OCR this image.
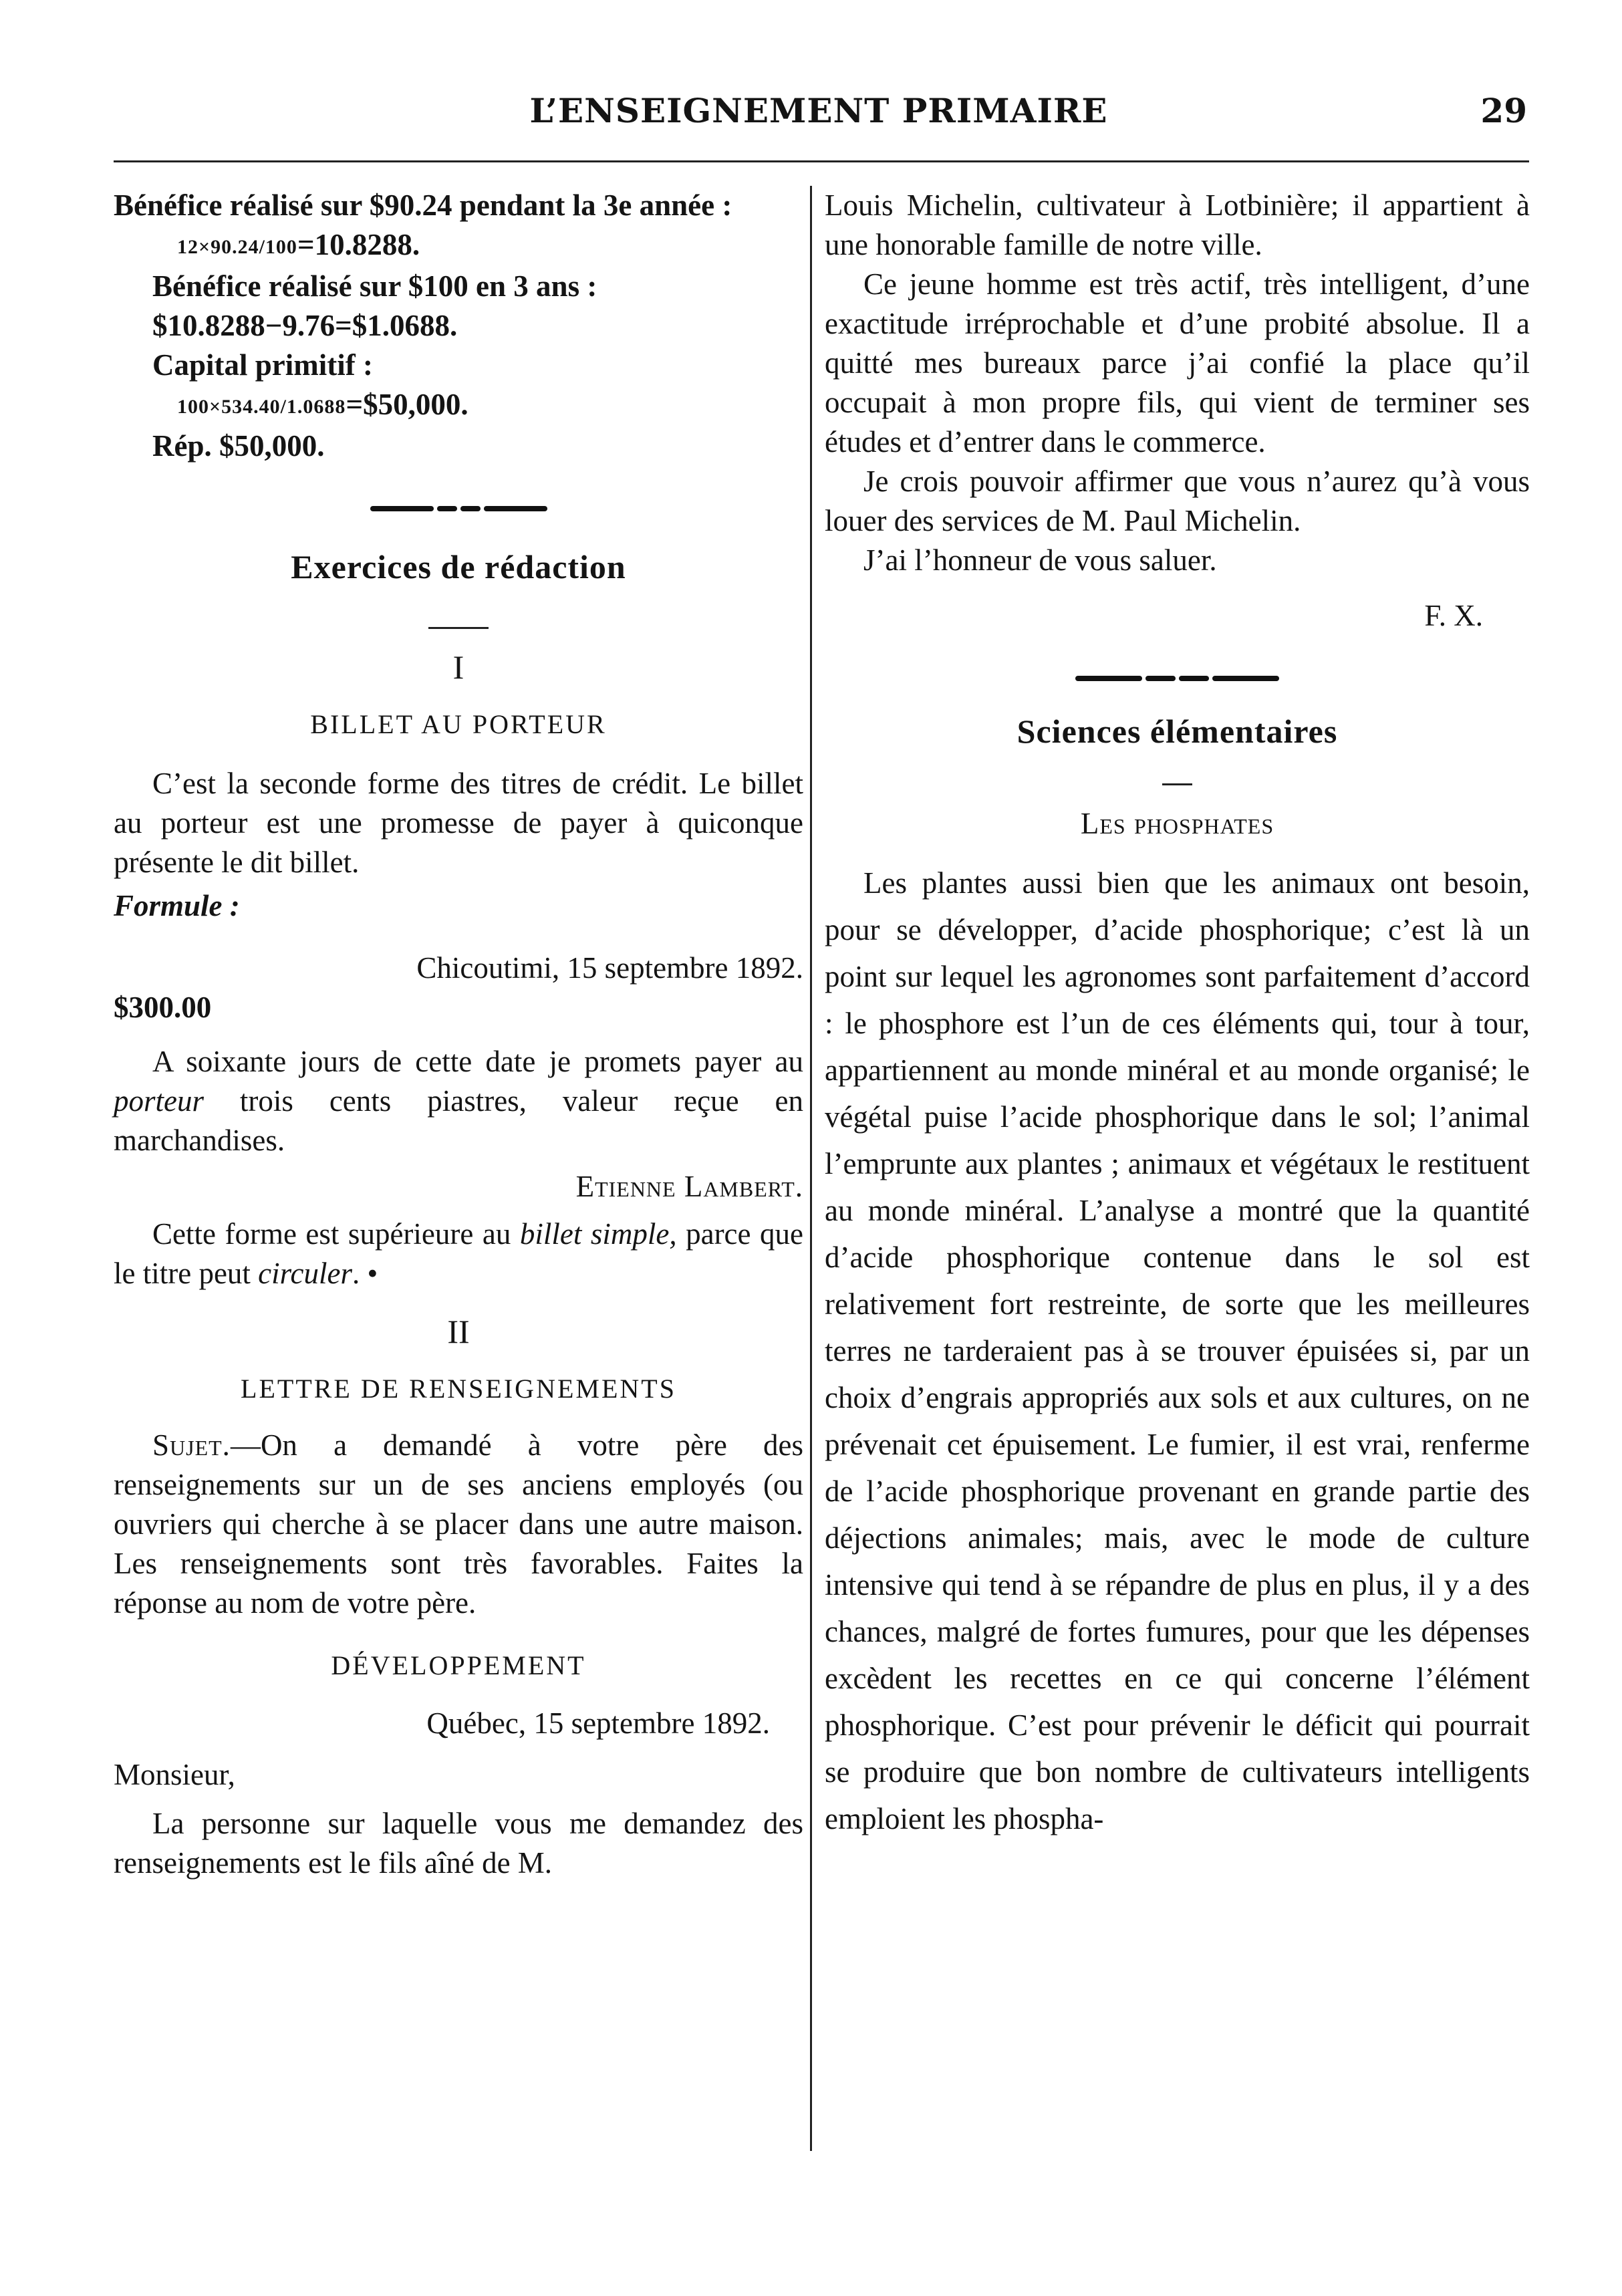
L’ENSEIGNEMENT PRIMAIRE	29

Bénéfice réalisé sur $90.24 pendant la 3e année :

12×90.24/100=10.8288.

Bénéfice réalisé sur $100 en 3 ans :

$10.8288−9.76=$1.0688.

Capital primitif :

100×534.40/1.0688=$50,000.

Rép. $50,000.

Exercices de rédaction

I

BILLET AU PORTEUR

C’est la seconde forme des titres de crédit. Le billet au porteur est une promesse de payer à quiconque présente le dit billet.

Formule :

Chicoutimi, 15 septembre 1892.

$300.00

A soixante jours de cette date je promets payer au porteur trois cents piastres, valeur reçue en marchandises.

Etienne Lambert.

Cette forme est supérieure au billet simple, parce que le titre peut circuler. •

II

LETTRE DE RENSEIGNEMENTS

Sujet.—On a demandé à votre père des renseignements sur un de ses anciens employés (ou ouvriers qui cherche à se placer dans une autre maison. Les renseignements sont très favorables. Faites la réponse au nom de votre père.

DÉVELOPPEMENT

Québec, 15 septembre 1892.

Monsieur,

La personne sur laquelle vous me demandez des renseignements est le fils aîné de M.

Louis Michelin, cultivateur à Lotbinière; il appartient à une honorable famille de notre ville.

Ce jeune homme est très actif, très intelligent, d’une exactitude irréprochable et d’une probité absolue. Il a quitté mes bureaux parce j’ai confié la place qu’il occupait à mon propre fils, qui vient de terminer ses études et d’entrer dans le commerce.

Je crois pouvoir affirmer que vous n’aurez qu’à vous louer des services de M. Paul Michelin.

J’ai l’honneur de vous saluer.

F. X.

Sciences élémentaires

Les phosphates

Les plantes aussi bien que les animaux ont besoin, pour se développer, d’acide phosphorique; c’est là un point sur lequel les agronomes sont parfaitement d’accord : le phosphore est l’un de ces éléments qui, tour à tour, appartiennent au monde minéral et au monde organisé; le végétal puise l’acide phosphorique dans le sol; l’animal l’emprunte aux plantes ; animaux et végétaux le restituent au monde minéral. L’analyse a montré que la quantité d’acide phosphorique contenue dans le sol est relativement fort restreinte, de sorte que les meilleures terres ne tarderaient pas à se trouver épuisées si, par un choix d’engrais appropriés aux sols et aux cultures, on ne prévenait cet épuisement. Le fumier, il est vrai, renferme de l’acide phosphorique provenant en grande partie des déjections animales; mais, avec le mode de culture intensive qui tend à se répandre de plus en plus, il y a des chances, malgré de fortes fumures, pour que les dépenses excèdent les recettes en ce qui concerne l’élément phosphorique. C’est pour prévenir le déficit qui pourrait se produire que bon nombre de cultivateurs intelligents emploient les phospha-
